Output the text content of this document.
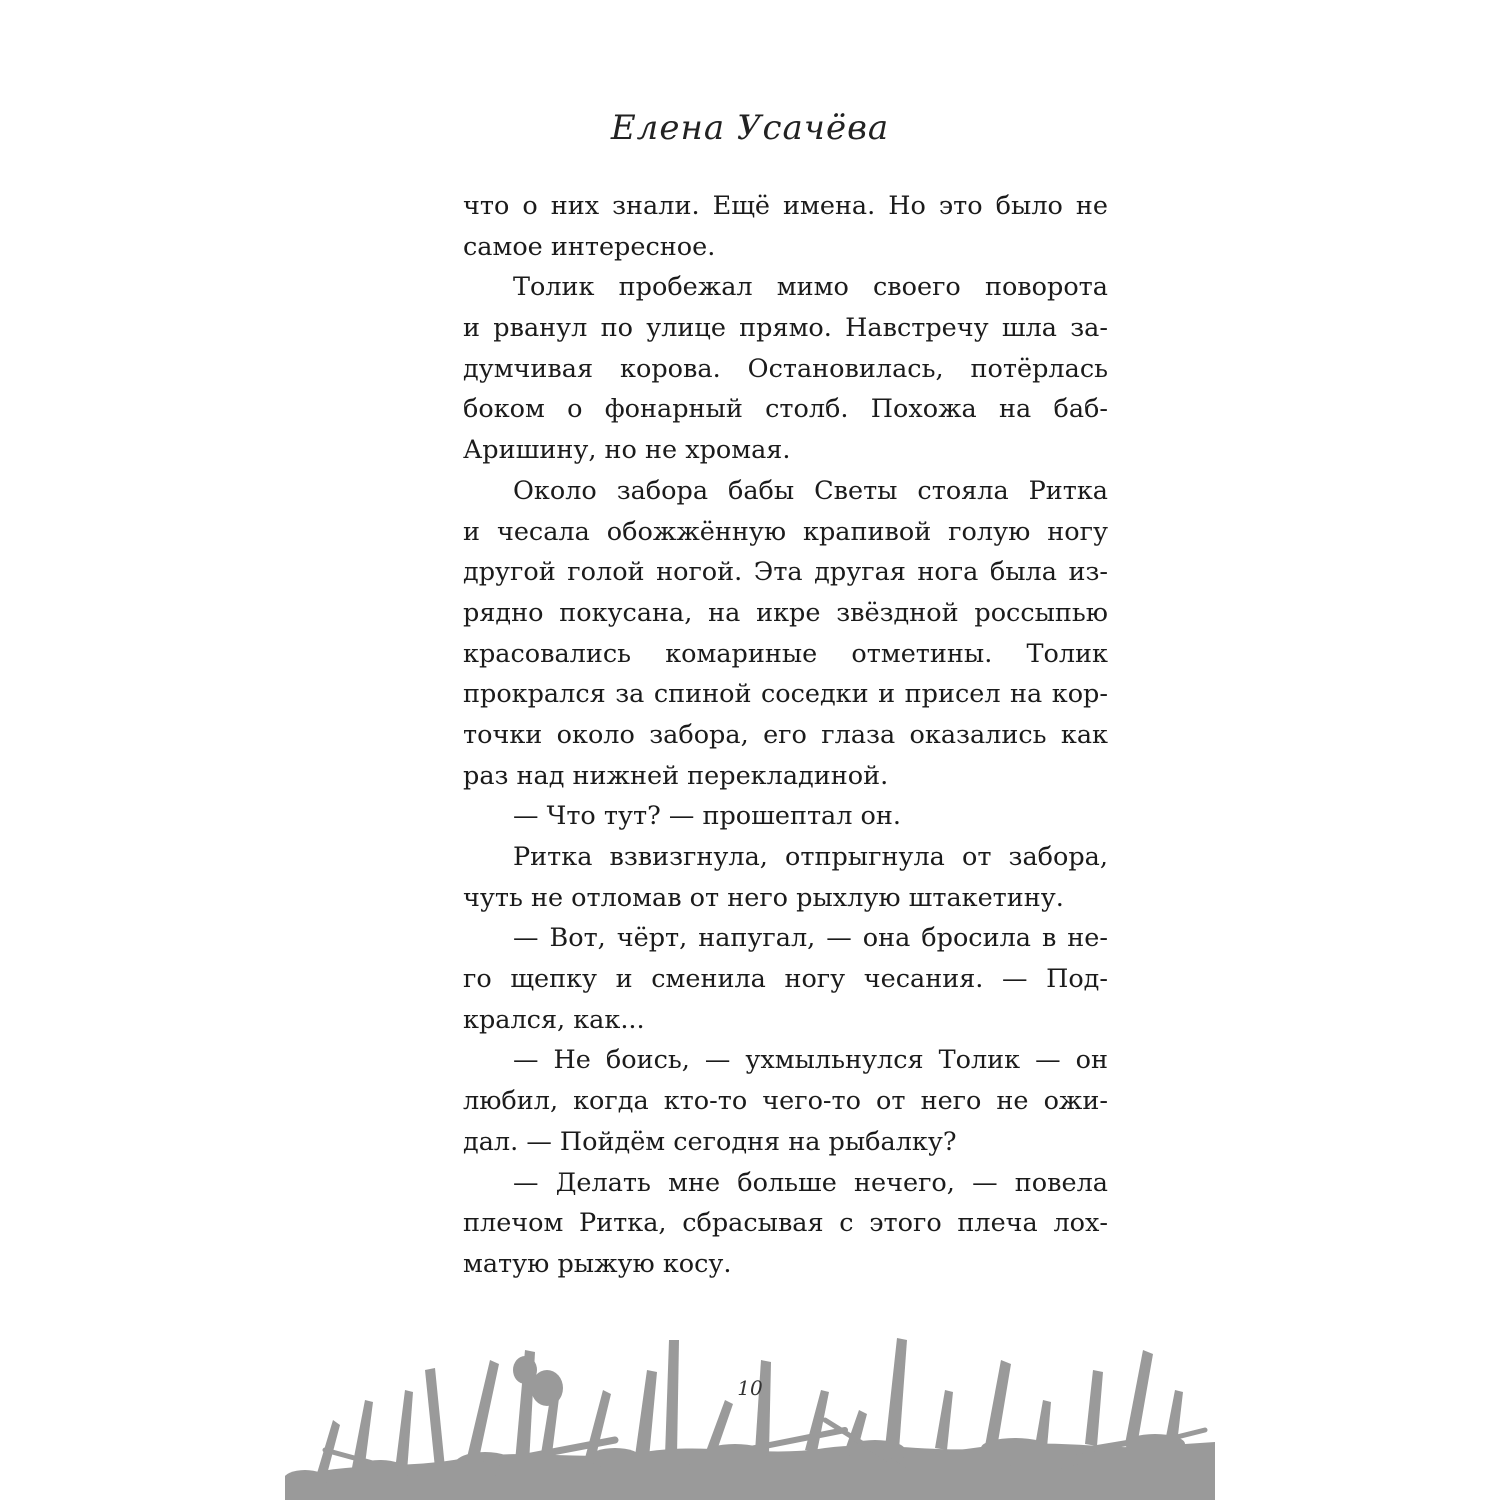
Елена Усачёва
что о них знали. Ещё имена. Но это было не
самое интересное.
Толик пробежал мимо своего поворота
и рванул по улице прямо. Навстречу шла за-
думчивая корова. Остановилась, потёрлась
боком о фонарный столб. Похожа на баб-
Аришину, но не хромая.
Около забора бабы Светы стояла Ритка
и чесала обожжённую крапивой голую ногу
другой голой ногой. Эта другая нога была из-
рядно покусана, на икре звёздной россыпью
красовались комариные отметины. Толик
прокрался за спиной соседки и присел на кор-
точки около забора, его глаза оказались как
раз над нижней перекладиной.
— Что тут? — прошептал он.
Ритка взвизгнула, отпрыгнула от забора,
чуть не отломав от него рыхлую штакетину.
— Вот, чёрт, напугал, — она бросила в не-
го щепку и сменила ногу чесания. — Под-
крался, как...
— Не боись, — ухмыльнулся Толик — он
любил, когда кто-то чего-то от него не ожи-
дал. — Пойдём сегодня на рыбалку?
— Делать мне больше нечего, — повела
плечом Ритка, сбрасывая с этого плеча лох-
матую рыжую косу.
10
